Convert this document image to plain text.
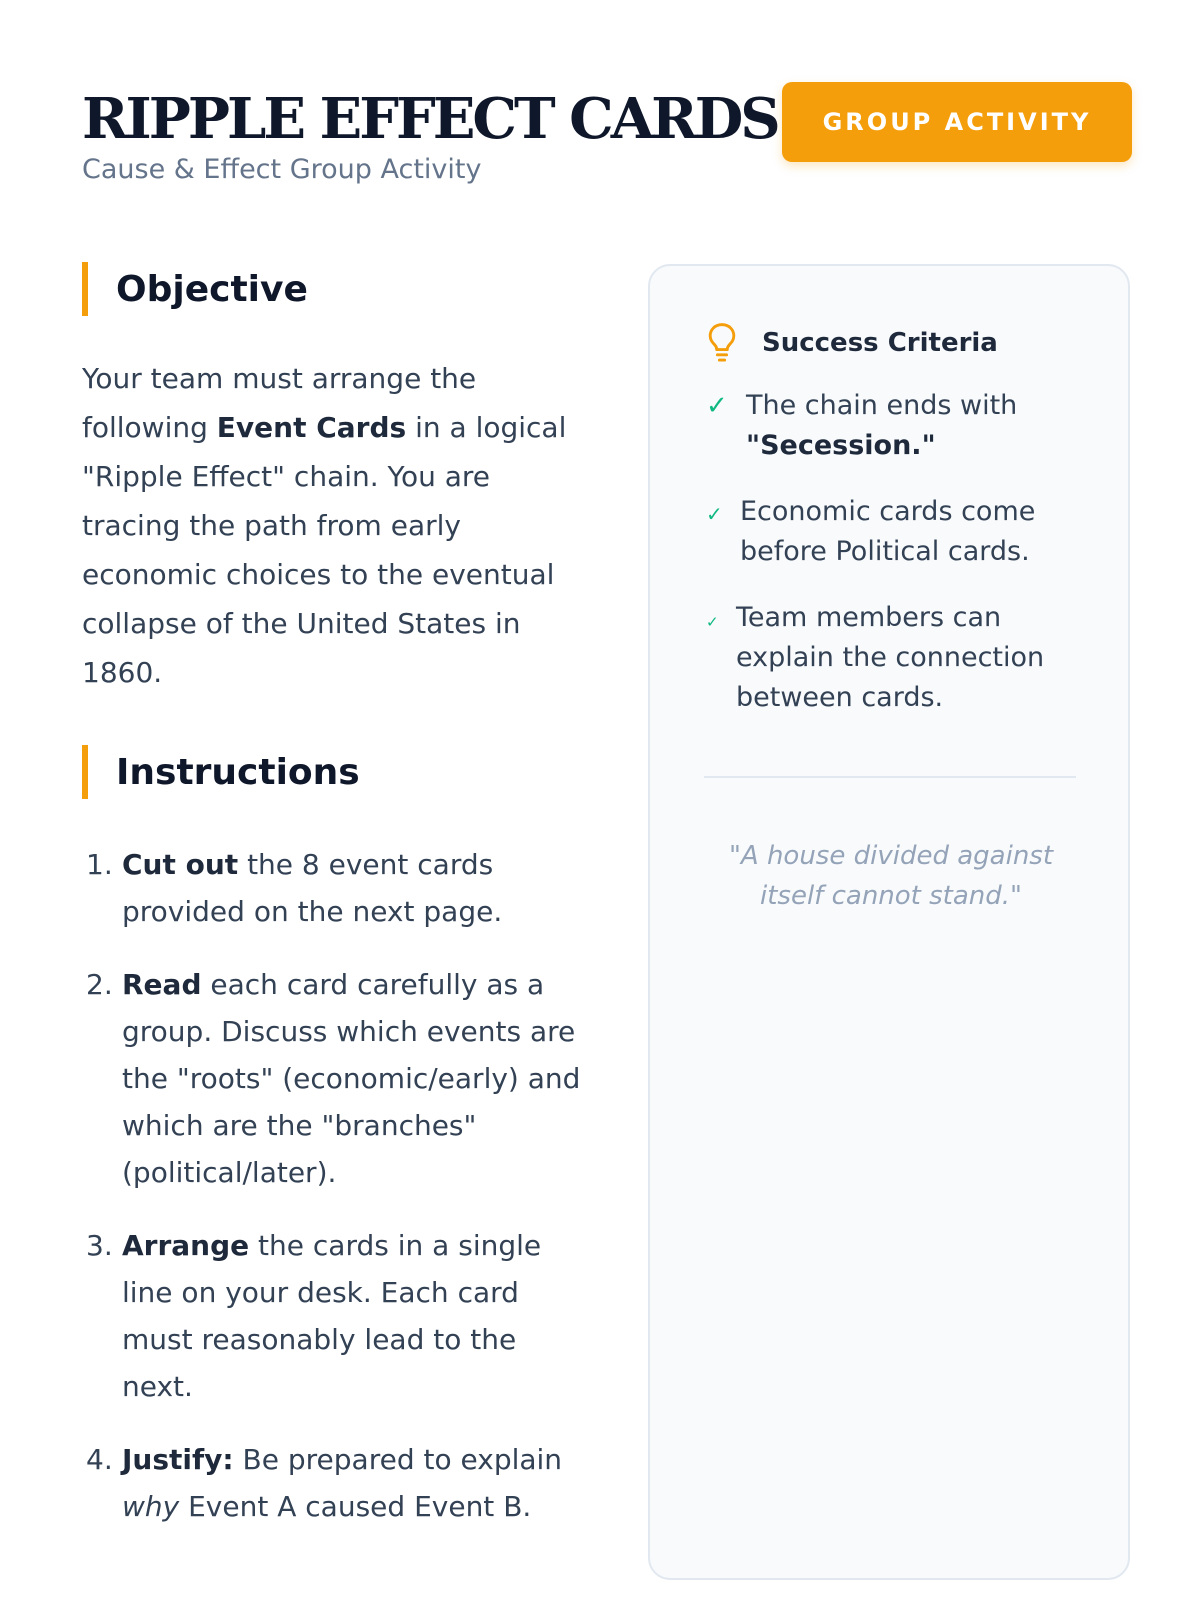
RIPPLE EFFECT CARDS
Cause & Effect Group Activity
GROUP ACTIVITY
Objective

Your team must arrange the following Event Cards in a logical "Ripple Effect" chain. You are tracing the path from early economic choices to the eventual collapse of the United States in 1860.

Instructions
1. Cut out the 8 event cards provided on the next page.
2. Read each card carefully as a group. Discuss which events are the "roots" (economic/early) and which are the "branches" (political/later).
3. Arrange the cards in a single line on your desk. Each card must reasonably lead to the next.
4. Justify: Be prepared to explain why Event A caused Event B.
Success Criteria
✓ The chain ends with
"Secession."
✓ Economic cards come before Political cards.
✓ Team members can explain the connection between cards.
"A house divided against itself cannot stand."
